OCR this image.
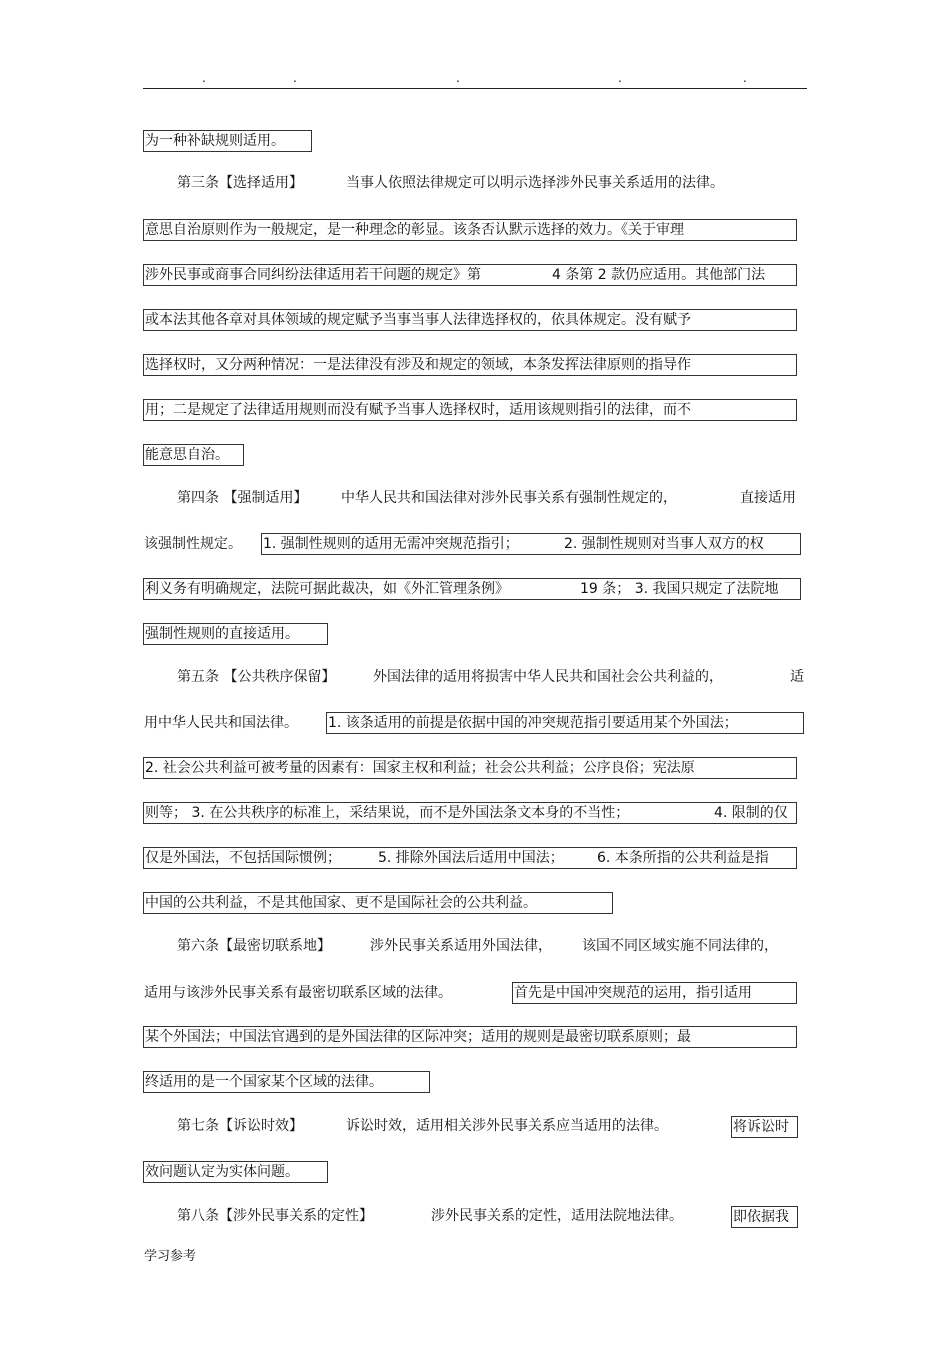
.	.	.	.	.
为一种补缺规则适用。
第三条【选择适用】	当事人依照法律规定可以明示选择涉外民事关系适用的法律。
意思自治原则作为一般规定，是一种理念的彰显。该条否认默示选择的效力。《关于审理
涉外民事或商事合同纠纷法律适用若干问题的规定》第	4 条第 2 款仍应适用。其他部门法
或本法其他各章对具体领域的规定赋予当事当事人法律选择权的，依具体规定。没有赋予
选择权时，又分两种情况：一是法律没有涉及和规定的领域，本条发挥法律原则的指导作
用；二是规定了法律适用规则而没有赋予当事人选择权时，适用该规则指引的法律，而不
能意思自治。
第四条 【强制适用】 中华人民共和国法律对涉外民事关系有强制性规定的，	直接适用
该强制性规定。 1. 强制性规则的适用无需冲突规范指引；	2. 强制性规则对当事人双方的权
利义务有明确规定，法院可据此裁决，如《外汇管理条例》	19 条； 3. 我国只规定了法院地
强制性规则的直接适用。
第五条 【公共秩序保留】	外国法律的适用将损害中华人民共和国社会公共利益的，	适
用中华人民共和国法律。 1. 该条适用的前提是依据中国的冲突规范指引要适用某个外国法；
2. 社会公共利益可被考量的因素有：国家主权和利益；社会公共利益；公序良俗；宪法原
则等； 3. 在公共秩序的标准上，采结果说，而不是外国法条文本身的不当性；	4. 限制的仅
仅是外国法，不包括国际惯例；	5. 排除外国法后适用中国法； 6. 本条所指的公共利益是指
中国的公共利益，不是其他国家、更不是国际社会的公共利益。
第六条【最密切联系地】	涉外民事关系适用外国法律， 该国不同区域实施不同法律的，
适用与该涉外民事关系有最密切联系区域的法律。	首先是中国冲突规范的运用，指引适用
某个外国法；中国法官遇到的是外国法律的区际冲突；适用的规则是最密切联系原则；最
终适用的是一个国家某个区域的法律。
第七条【诉讼时效】	诉讼时效，适用相关涉外民事关系应当适用的法律。	将诉讼时
效问题认定为实体问题。
第八条【涉外民事关系的定性】	涉外民事关系的定性，适用法院地法律。	即依据我
学习参考
